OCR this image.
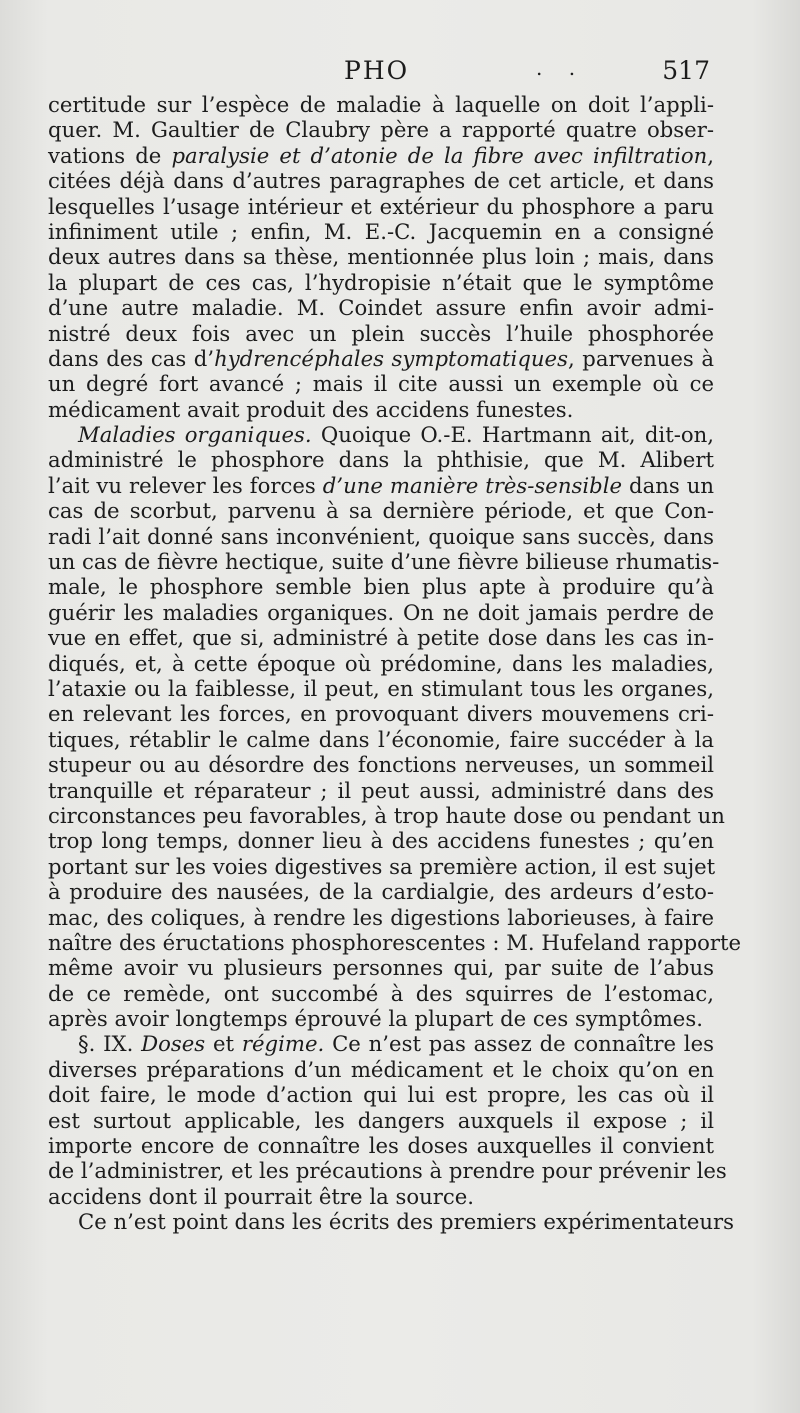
PHO	. .	517
certitude sur l’espèce de maladie à laquelle on doit l’appli-
quer. M. Gaultier de Claubry père a rapporté quatre obser-
vations de paralysie et d’atonie de la fibre avec infiltration,
citées déjà dans d’autres paragraphes de cet article, et dans
lesquelles l’usage intérieur et extérieur du phosphore a paru
infiniment utile ; enfin, M. E.-C. Jacquemin en a consigné
deux autres dans sa thèse, mentionnée plus loin ; mais, dans
la plupart de ces cas, l’hydropisie n’était que le symptôme
d’une autre maladie. M. Coindet assure enfin avoir admi-
nistré deux fois avec un plein succès l’huile phosphorée
dans des cas d’hydrencéphales symptomatiques, parvenues à
un degré fort avancé ; mais il cite aussi un exemple où ce
médicament avait produit des accidens funestes.
Maladies organiques. Quoique O.-E. Hartmann ait, dit-on,
administré le phosphore dans la phthisie, que M. Alibert
l’ait vu relever les forces d’une manière très-sensible dans un
cas de scorbut, parvenu à sa dernière période, et que Con-
radi l’ait donné sans inconvénient, quoique sans succès, dans
un cas de fièvre hectique, suite d’une fièvre bilieuse rhumatis-
male, le phosphore semble bien plus apte à produire qu’à
guérir les maladies organiques. On ne doit jamais perdre de
vue en effet, que si, administré à petite dose dans les cas in-
diqués, et, à cette époque où prédomine, dans les maladies,
l’ataxie ou la faiblesse, il peut, en stimulant tous les organes,
en relevant les forces, en provoquant divers mouvemens cri-
tiques, rétablir le calme dans l’économie, faire succéder à la
stupeur ou au désordre des fonctions nerveuses, un sommeil
tranquille et réparateur ; il peut aussi, administré dans des
circonstances peu favorables, à trop haute dose ou pendant un
trop long temps, donner lieu à des accidens funestes ; qu’en
portant sur les voies digestives sa première action, il est sujet
à produire des nausées, de la cardialgie, des ardeurs d’esto-
mac, des coliques, à rendre les digestions laborieuses, à faire
naître des éructations phosphorescentes : M. Hufeland rapporte
même avoir vu plusieurs personnes qui, par suite de l’abus
de ce remède, ont succombé à des squirres de l’estomac,
après avoir longtemps éprouvé la plupart de ces symptômes.
§. IX. Doses et régime. Ce n’est pas assez de connaître les
diverses préparations d’un médicament et le choix qu’on en
doit faire, le mode d’action qui lui est propre, les cas où il
est surtout applicable, les dangers auxquels il expose ; il
importe encore de connaître les doses auxquelles il convient
de l’administrer, et les précautions à prendre pour prévenir les
accidens dont il pourrait être la source.
Ce n’est point dans les écrits des premiers expérimentateurs
